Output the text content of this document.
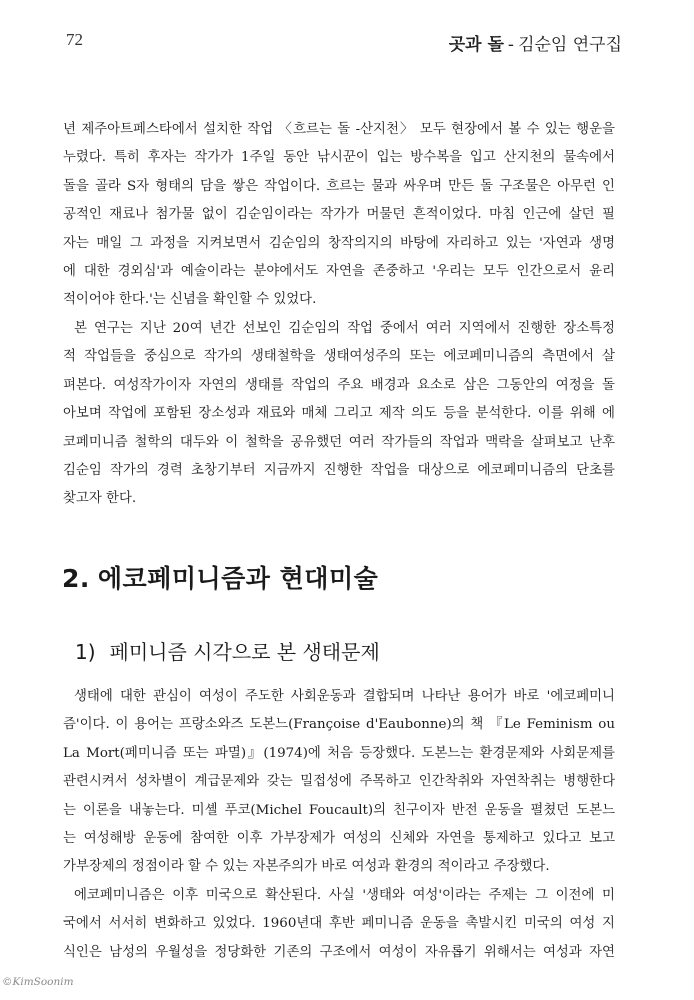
72	곳과 돌 - 김순임 연구집
년 제주아트페스타에서 설치한 작업 〈흐르는 돌 -산지천〉 모두 현장에서 볼 수 있는 행운을
누렸다. 특히 후자는 작가가 1주일 동안 낚시꾼이 입는 방수복을 입고 산지천의 물속에서
돌을 골라 S자 형태의 담을 쌓은 작업이다. 흐르는 물과 싸우며 만든 돌 구조물은 아무런 인
공적인 재료나 첨가물 없이 김순임이라는 작가가 머물던 흔적이었다. 마침 인근에 살던 필
자는 매일 그 과정을 지켜보면서 김순임의 창작의지의 바탕에 자리하고 있는 '자연과 생명
에 대한 경외심'과 예술이라는 분야에서도 자연을 존중하고 '우리는 모두 인간으로서 윤리
적이어야 한다.'는 신념을 확인할 수 있었다.
본 연구는 지난 20여 년간 선보인 김순임의 작업 중에서 여러 지역에서 진행한 장소특정
적 작업들을 중심으로 작가의 생태철학을 생태여성주의 또는 에코페미니즘의 측면에서 살
펴본다. 여성작가이자 자연의 생태를 작업의 주요 배경과 요소로 삼은 그동안의 여정을 돌
아보며 작업에 포함된 장소성과 재료와 매체 그리고 제작 의도 등을 분석한다. 이를 위해 에
코페미니즘 철학의 대두와 이 철학을 공유했던 여러 작가들의 작업과 맥락을 살펴보고 난후
김순임 작가의 경력 초창기부터 지금까지 진행한 작업을 대상으로 에코페미니즘의 단초를
찾고자 한다.
2. 에코페미니즘과 현대미술
1) 페미니즘 시각으로 본 생태문제
생태에 대한 관심이 여성이 주도한 사회운동과 결합되며 나타난 용어가 바로 '에코페미니
즘'이다. 이 용어는 프랑소와즈 도본느(Françoise d'Eaubonne)의 책 『Le Feminism ou
La Mort(페미니즘 또는 파멸)』(1974)에 처음 등장했다. 도본느는 환경문제와 사회문제를
관련시켜서 성차별이 계급문제와 갖는 밀접성에 주목하고 인간착취와 자연착취는 병행한다
는 이론을 내놓는다. 미셸 푸코(Michel Foucault)의 친구이자 반전 운동을 펼쳤던 도본느
는 여성해방 운동에 참여한 이후 가부장제가 여성의 신체와 자연을 통제하고 있다고 보고
가부장제의 정점이라 할 수 있는 자본주의가 바로 여성과 환경의 적이라고 주장했다.
에코페미니즘은 이후 미국으로 확산된다. 사실 '생태와 여성'이라는 주제는 그 이전에 미
국에서 서서히 변화하고 있었다. 1960년대 후반 페미니즘 운동을 촉발시킨 미국의 여성 지
식인은 남성의 우월성을 정당화한 기존의 구조에서 여성이 자유롭기 위해서는 여성과 자연
©KimSoonim
